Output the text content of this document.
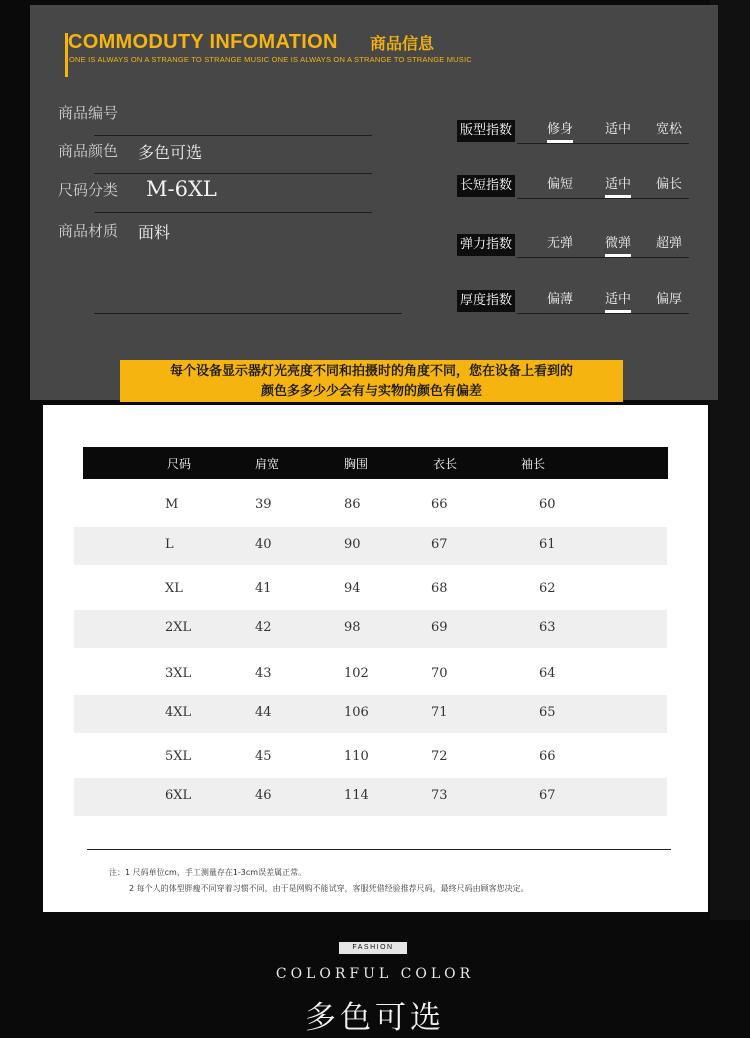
COMMODUTY INFOMATION 商品信息
ONE IS ALWAYS ON A STRANGE TO STRANGE MUSIC ONE IS ALWAYS ON A STRANGE TO STRANGE MUSIC
商品编号
商品颜色 多色可选
尺码分类 M-6XL
商品材质 面料
版型指数	修身 适中 宽松
长短指数	偏短 适中 偏长
弹力指数	无弹 微弹 超弹
厚度指数	偏薄 适中 偏厚
每个设备显示器灯光亮度不同和拍摄时的角度不同，您在设备上看到的
颜色多多少少会有与实物的颜色有偏差
尺码	肩宽	胸围	衣长	袖长
M	39	86	66	60
L	40	90	67	61
XL	41	94	68	62
2XL	42	98	69	63
3XL	43	102	70	64
4XL	44	106	71	65
5XL	45	110	72	66
6XL	46	114	73	67
注：1 尺码单位cm，手工测量存在1-3cm误差属正常。
2 每个人的体型胖瘦不同穿着习惯不同，由于是网购不能试穿，客服凭借经验推荐尺码，最终尺码由顾客您决定。
FASHION
COLORFUL COLOR
多色可选
